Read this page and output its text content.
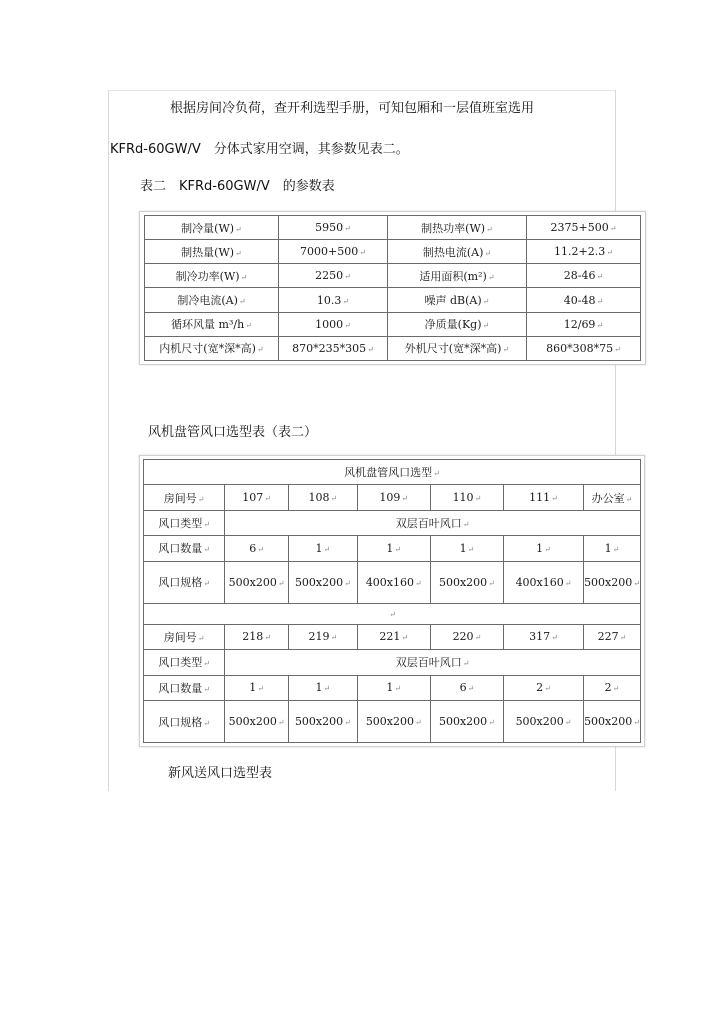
根据房间冷负荷，查开利选型手册，可知包厢和一层值班室选用
KFRd-60GW/V　分体式家用空调，其参数见表二。
表二　KFRd-60GW/V　的参数表
制冷量(W) ↵	5950 ↵	制热功率(W) ↵	2375+500 ↵
制热量(W) ↵	7000+500 ↵	制热电流(A) ↵	11.2+2.3 ↵
制冷功率(W) ↵	2250 ↵	适用面积(m²) ↵	28-46 ↵
制冷电流(A) ↵	10.3 ↵	噪声 dB(A) ↵	40-48 ↵
循环风量 m³/h ↵	1000 ↵	净质量(Kg) ↵	12/69 ↵
内机尺寸(宽*深*高) ↵	870*235*305 ↵	外机尺寸(宽*深*高) ↵	860*308*75 ↵
风机盘管风口选型表（表二）
风机盘管风口选型 ↵
房间号 ↵	107 ↵	108 ↵	109 ↵	110 ↵	111 ↵	办公室 ↵
风口类型 ↵	双层百叶风口 ↵
风口数量 ↵	6 ↵	1 ↵	1 ↵	1 ↵	1 ↵	1 ↵
风口规格 ↵	500x200 ↵	500x200 ↵	400x160 ↵	500x200 ↵	400x160 ↵	500x200 ↵
↵
房间号 ↵	218 ↵	219 ↵	221 ↵	220 ↵	317 ↵	227 ↵
风口类型 ↵	双层百叶风口 ↵
风口数量 ↵	1 ↵	1 ↵	1 ↵	6 ↵	2 ↵	2 ↵
风口规格 ↵	500x200 ↵	500x200 ↵	500x200 ↵	500x200 ↵	500x200 ↵	500x200 ↵
新风送风口选型表
